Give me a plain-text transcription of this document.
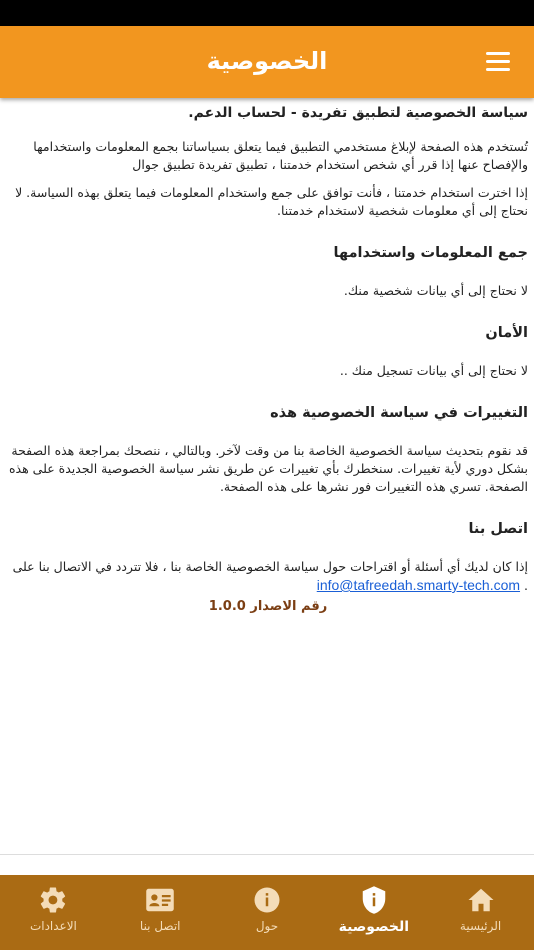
الخصوصية
سياسة الخصوصية لتطبيق تفريدة - لحساب الدعم.

تُستخدم هذه الصفحة لإبلاغ مستخدمي التطبيق فيما يتعلق بسياساتنا بجمع المعلومات واستخدامها والإفصاح عنها إذا قرر أي شخص استخدام خدمتنا ، تطبيق تفريدة تطبيق جوال

إذا اخترت استخدام خدمتنا ، فأنت توافق على جمع واستخدام المعلومات فيما يتعلق بهذه السياسة. لا نحتاج إلى أي معلومات شخصية لاستخدام خدمتنا.

جمع المعلومات واستخدامها

لا نحتاج إلى أي بيانات شخصية منك.

الأمان

لا نحتاج إلى أي بيانات تسجيل منك ..

التغييرات في سياسة الخصوصية هذه

قد نقوم بتحديث سياسة الخصوصية الخاصة بنا من وقت لآخر. وبالتالي ، ننصحك بمراجعة هذه الصفحة بشكل دوري لأية تغييرات. سنخطرك بأي تغييرات عن طريق نشر سياسة الخصوصية الجديدة على هذه الصفحة. تسري هذه التغييرات فور نشرها على هذه الصفحة.

اتصل بنا

إذا كان لديك أي أسئلة أو اقتراحات حول سياسة الخصوصية الخاصة بنا ، فلا تتردد في الاتصال بنا على
. info@tafreedah.smarty-tech.com

رقم الاصدار 1.0.0
الرئيسية
الخصوصية
حول
اتصل بنا
الاعدادات
